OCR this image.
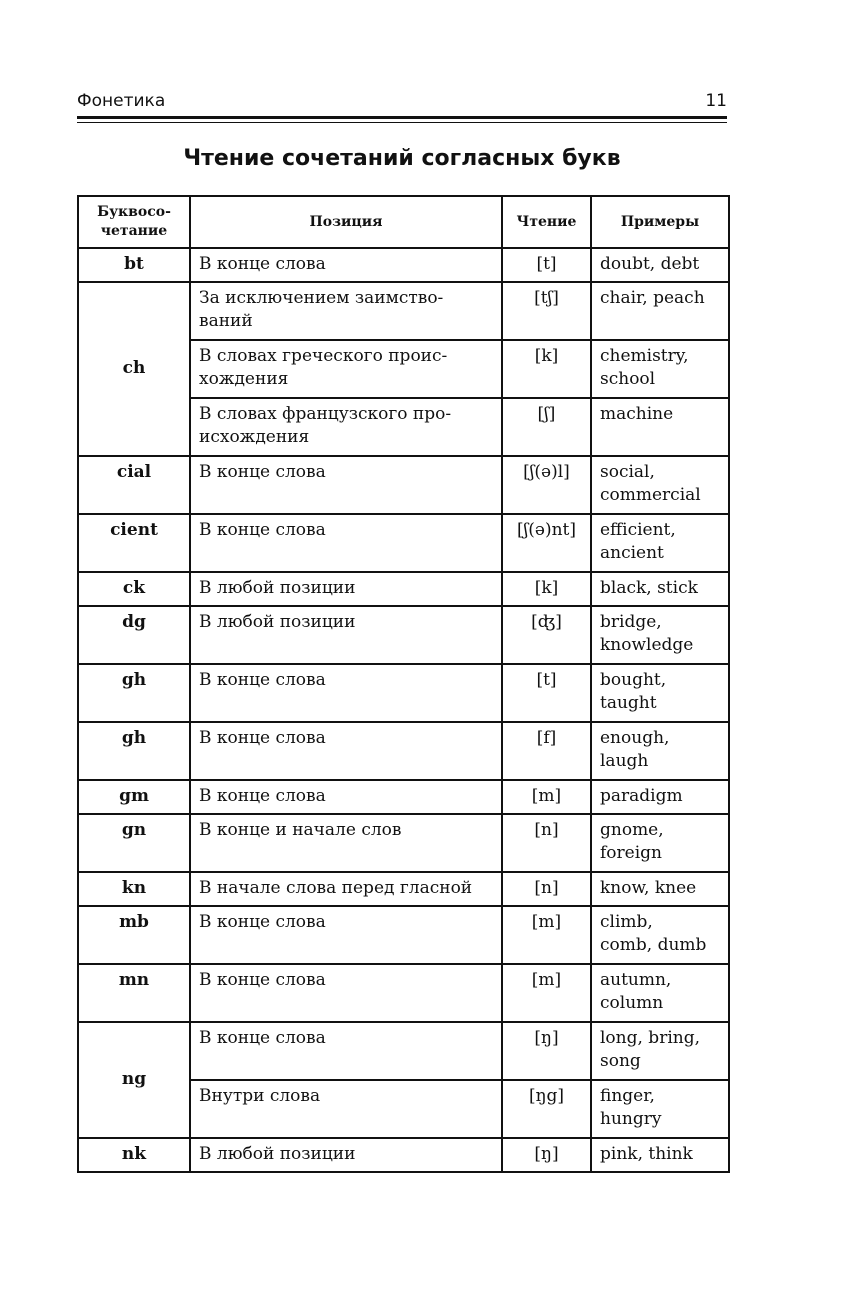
Фонетика	11
Чтение сочетаний согласных букв
Буквосо-
четание	Позиция	Чтение	Примеры
bt	В конце слова	[t]	doubt, debt
ch	За исключением заимство-
ваний	[tʃ]	chair, peach
	В словах греческого проис-
хождения	[k]	chemistry,
school
	В словах французского про-
исхождения	[ʃ]	machine
cial	В конце слова	[ʃ(ə)l]	social,
commercial
cient	В конце слова	[ʃ(ə)nt]	efficient,
ancient
ck	В любой позиции	[k]	black, stick
dg	В любой позиции	[ʤ]	bridge,
knowledge
gh	В конце слова	[t]	bought,
taught
gh	В конце слова	[f]	enough,
laugh
gm	В конце слова	[m]	paradigm
gn	В конце и начале слов	[n]	gnome,
foreign
kn	В начале слова перед гласной	[n]	know, knee
mb	В конце слова	[m]	climb,
comb, dumb
mn	В конце слова	[m]	autumn,
column
ng	В конце слова	[ŋ]	long, bring,
song
	Внутри слова	[ŋg]	finger,
hungry
nk	В любой позиции	[ŋ]	pink, think
